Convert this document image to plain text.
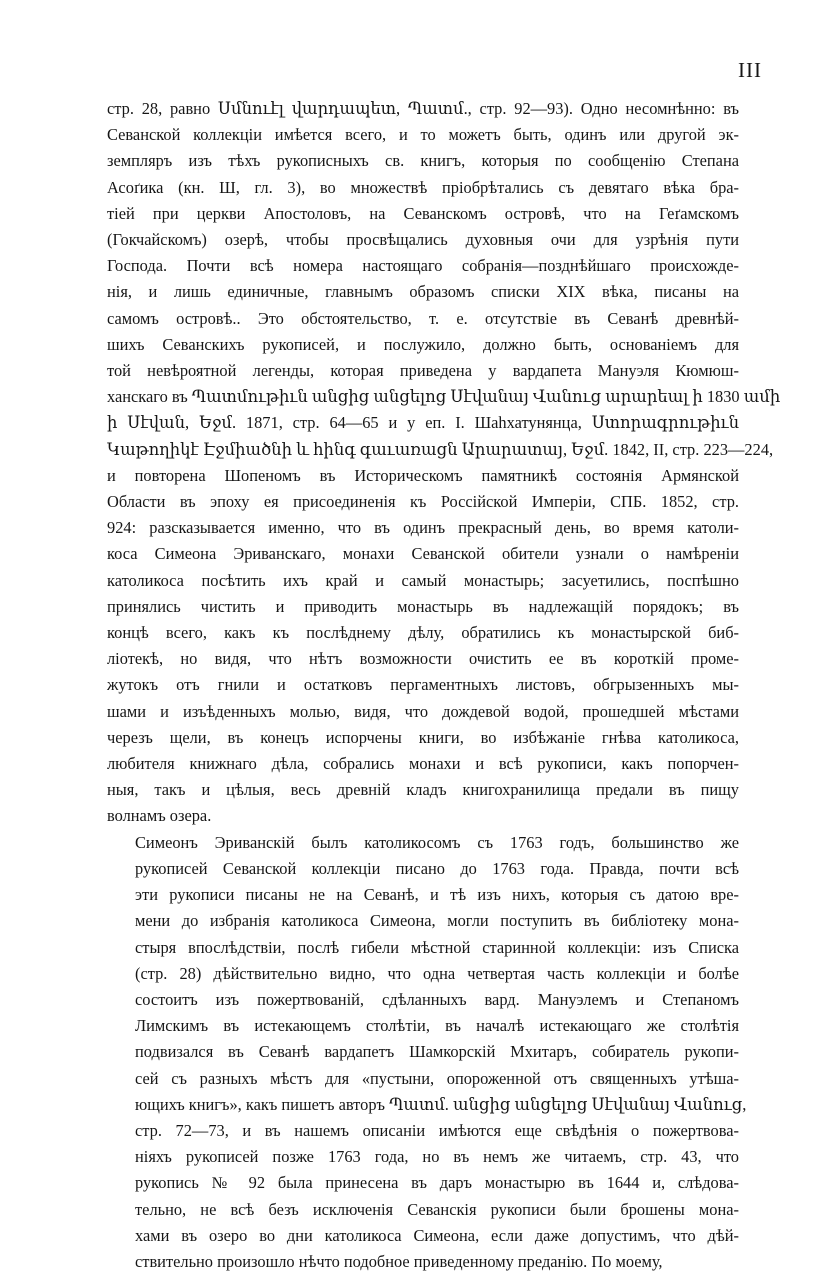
III
стр. 28, равно Սմնուէլ վարդապետ, Պատմ., стр. 92—93). Одно несомнѣнно: въ
Севанской коллекціи имѣется всего, и то можетъ быть, одинъ или другой эк-
земпляръ изъ тѣхъ рукописныхъ св. книгъ, которыя по сообщенію Степана
Асоґика (кн. Ш, гл. 3), во множествѣ пріобрѣтались съ девятаго вѣка бра-
тіей при церкви Апостоловъ, на Севанскомъ островѣ, что на Геґамскомъ
(Гокчайскомъ) озерѣ, чтобы просвѣщались духовныя очи для узрѣнія пути
Господа. Почти всѣ номера настоящаго собранія—позднѣйшаго происхожде-
нія, и лишь единичные, главнымъ образомъ списки XIX вѣка, писаны на
самомъ островѣ.. Это обстоятельство, т. е. отсутствіе въ Севанѣ древнѣй-
шихъ Севанскихъ рукописей, и послужило, должно быть, основаніемъ для
той невѣроятной легенды, которая приведена у вардапета Мануэля Кюмюш-
ханскаго въ Պատմութիւն անցից անցելոց Սէվանայ Վանուց արարեալ ի 1830 ամի
ի Սէվան, Եջմ. 1871, стр. 64—65 и у еп. I. Шаһхатунянца, Ստորագրութիւն
Կաթողիկէ Էջմիածնի և հինգ գաւառացն Արարատայ, Եջմ. 1842, II, стр. 223—224,
и повторена Шопеномъ въ Историческомъ памятникѣ состоянія Армянской
Области въ эпоху ея присоединенія къ Россійской Имперіи, СПБ. 1852, стр.
924: разсказывается именно, что въ одинъ прекрасный день, во время католи-
коса Симеона Эриванскаго, монахи Севанской обители узнали о намѣреніи
католикоса посѣтить ихъ край и самый монастырь; засуетились, поспѣшно
принялись чистить и приводить монастырь въ надлежащій порядокъ; въ
концѣ всего, какъ къ послѣднему дѣлу, обратились къ монастырской биб-
ліотекѣ, но видя, что нѣтъ возможности очистить ее въ короткій проме-
жутокъ отъ гнили и остатковъ пергаментныхъ листовъ, обгрызенныхъ мы-
шами и изъѣденныхъ молью, видя, что дождевой водой, прошедшей мѣстами
черезъ щели, въ конецъ испорчены книги, во избѣжаніе гнѣва католикоса,
любителя книжнаго дѣла, собрались монахи и всѣ рукописи, какъ попорчен-
ныя, такъ и цѣлыя, весь древній кладъ книгохранилища предали въ пищу
волнамъ озера.
Симеонъ Эриванскій былъ католикосомъ съ 1763 годъ, большинство же
рукописей Севанской коллекціи писано до 1763 года. Правда, почти всѣ
эти рукописи писаны не на Севанѣ, и тѣ изъ нихъ, которыя съ датою вре-
мени до избранія католикоса Симеона, могли поступить въ библіотеку мона-
стыря впослѣдствіи, послѣ гибели мѣстной старинной коллекціи: изъ Списка
(стр. 28) дѣйствительно видно, что одна четвертая часть коллекціи и болѣе
состоитъ изъ пожертвованій, сдѣланныхъ вард. Мануэлемъ и Степаномъ
Лимскимъ въ истекающемъ столѣтіи, въ началѣ истекающаго же столѣтія
подвизался въ Севанѣ вардапетъ Шамкорскій Мхитаръ, собиратель рукопи-
сей съ разныхъ мѣстъ для «пустыни, опороженной отъ священныхъ утѣша-
ющихъ книгъ», какъ пишетъ авторъ Պատմ. անցից անցելոց Սէվանայ Վանուց,
стр. 72—73, и въ нашемъ описаніи имѣются еще свѣдѣнія о пожертвова-
ніяхъ рукописей позже 1763 года, но въ немъ же читаемъ, стр. 43, что
рукопись № 92 была принесена въ даръ монастырю въ 1644 и, слѣдова-
тельно, не всѣ безъ исключенія Севанскія рукописи были брошены мона-
хами въ озеро во дни католикоса Симеона, если даже допустимъ, что дѣй-
ствительно произошло нѣчто подобное приведенному преданію. По моему,
